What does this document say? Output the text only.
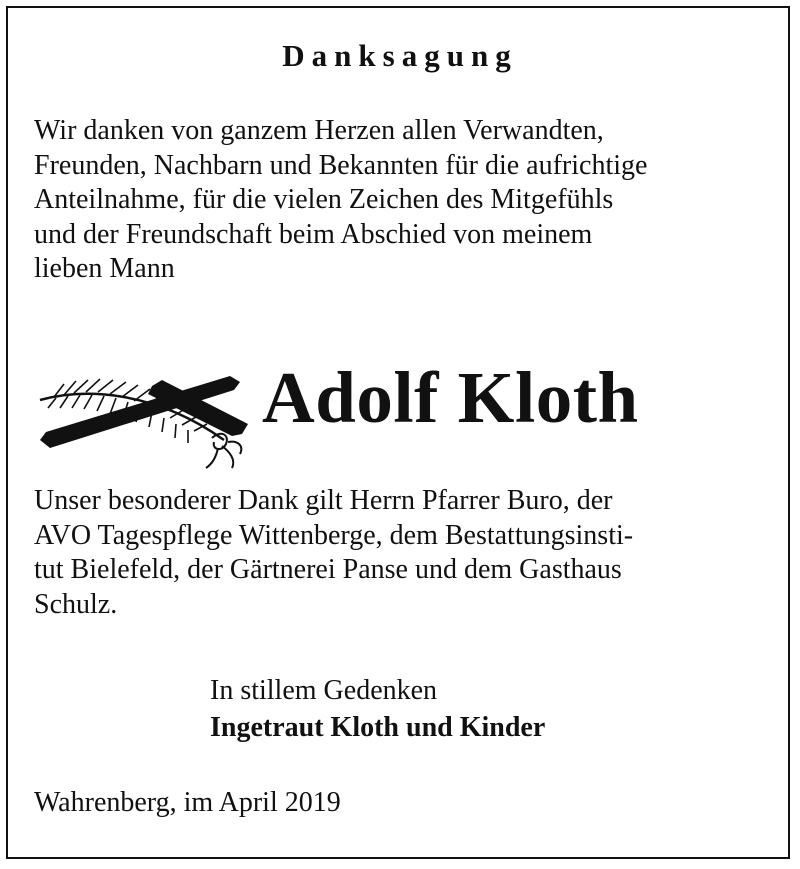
Danksagung
Wir danken von ganzem Herzen allen Verwandten,
Freunden, Nachbarn und Bekannten für die aufrichtige
Anteilnahme, für die vielen Zeichen des Mitgefühls
und der Freundschaft beim Abschied von meinem
lieben Mann
Adolf Kloth
Unser besonderer Dank gilt Herrn Pfarrer Buro, der
AVO Tagespflege Wittenberge, dem Bestattungsinsti-
tut Bielefeld, der Gärtnerei Panse und dem Gasthaus
Schulz.
In stillem Gedenken
Ingetraut Kloth und Kinder
Wahrenberg, im April 2019
